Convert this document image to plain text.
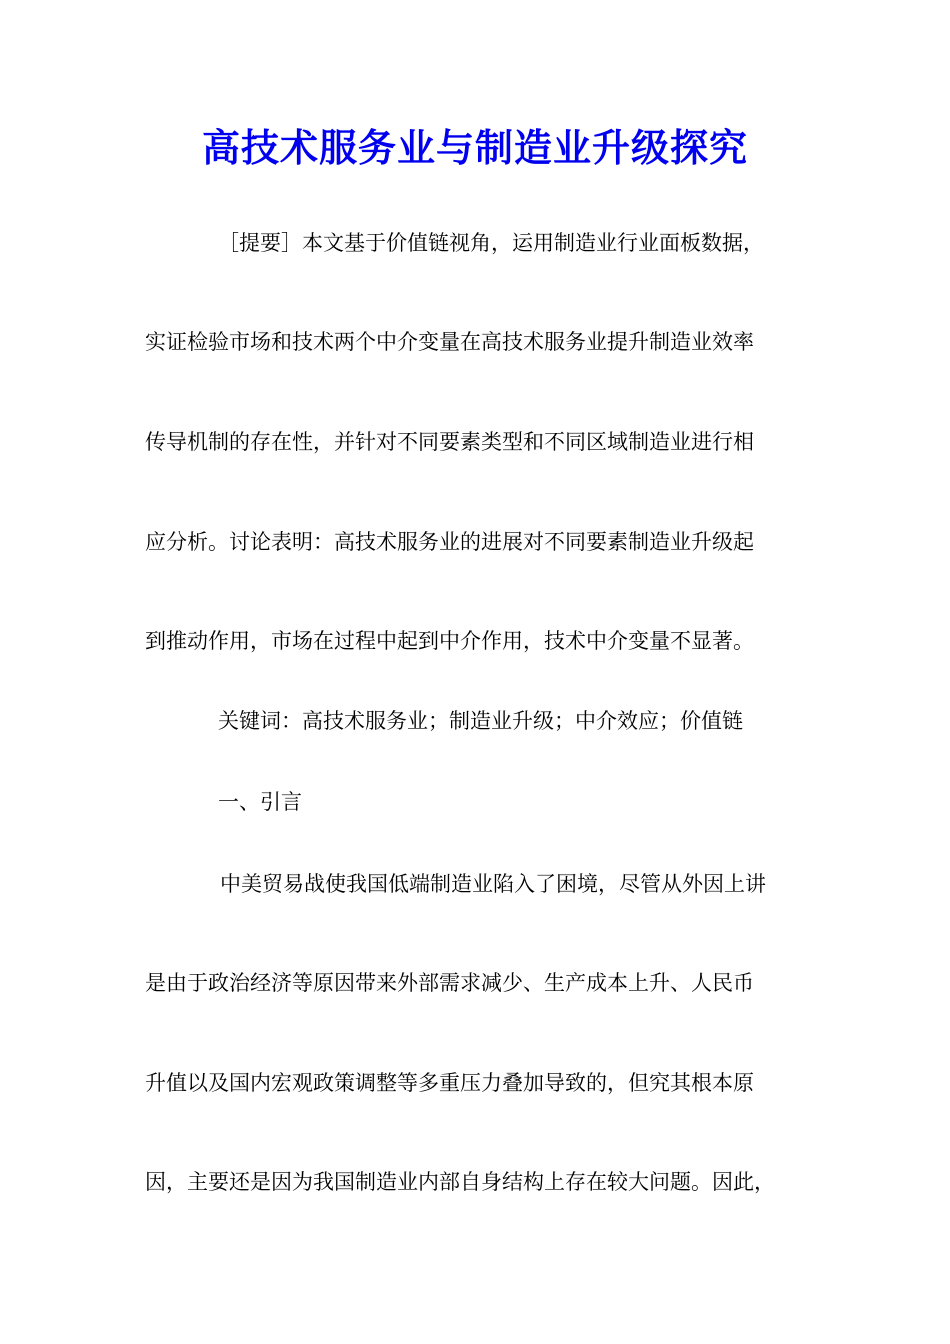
高技术服务业与制造业升级探究

［提要］本文基于价值链视角，运用制造业行业面板数据，

实证检验市场和技术两个中介变量在高技术服务业提升制造业效率

传导机制的存在性，并针对不同要素类型和不同区域制造业进行相

应分析。讨论表明：高技术服务业的进展对不同要素制造业升级起

到推动作用，市场在过程中起到中介作用，技术中介变量不显著。

关键词：高技术服务业；制造业升级；中介效应；价值链

一、引言

中美贸易战使我国低端制造业陷入了困境，尽管从外因上讲

是由于政治经济等原因带来外部需求减少、生产成本上升、人民币

升值以及国内宏观政策调整等多重压力叠加导致的，但究其根本原

因，主要还是因为我国制造业内部自身结构上存在较大问题。因此，
